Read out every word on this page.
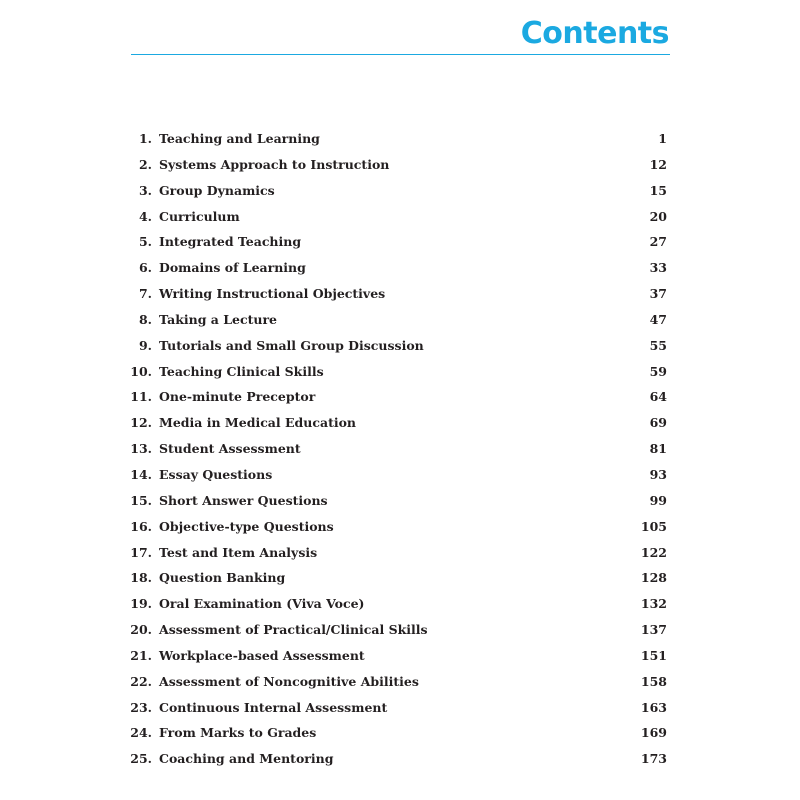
Contents
1. Teaching and Learning	1
2. Systems Approach to Instruction	12
3. Group Dynamics	15
4. Curriculum	20
5. Integrated Teaching	27
6. Domains of Learning	33
7. Writing Instructional Objectives	37
8. Taking a Lecture	47
9. Tutorials and Small Group Discussion	55
10. Teaching Clinical Skills	59
11. One-minute Preceptor	64
12. Media in Medical Education	69
13. Student Assessment	81
14. Essay Questions	93
15. Short Answer Questions	99
16. Objective-type Questions	105
17. Test and Item Analysis	122
18. Question Banking	128
19. Oral Examination (Viva Voce)	132
20. Assessment of Practical/Clinical Skills	137
21. Workplace-based Assessment	151
22. Assessment of Noncognitive Abilities	158
23. Continuous Internal Assessment	163
24. From Marks to Grades	169
25. Coaching and Mentoring	173
